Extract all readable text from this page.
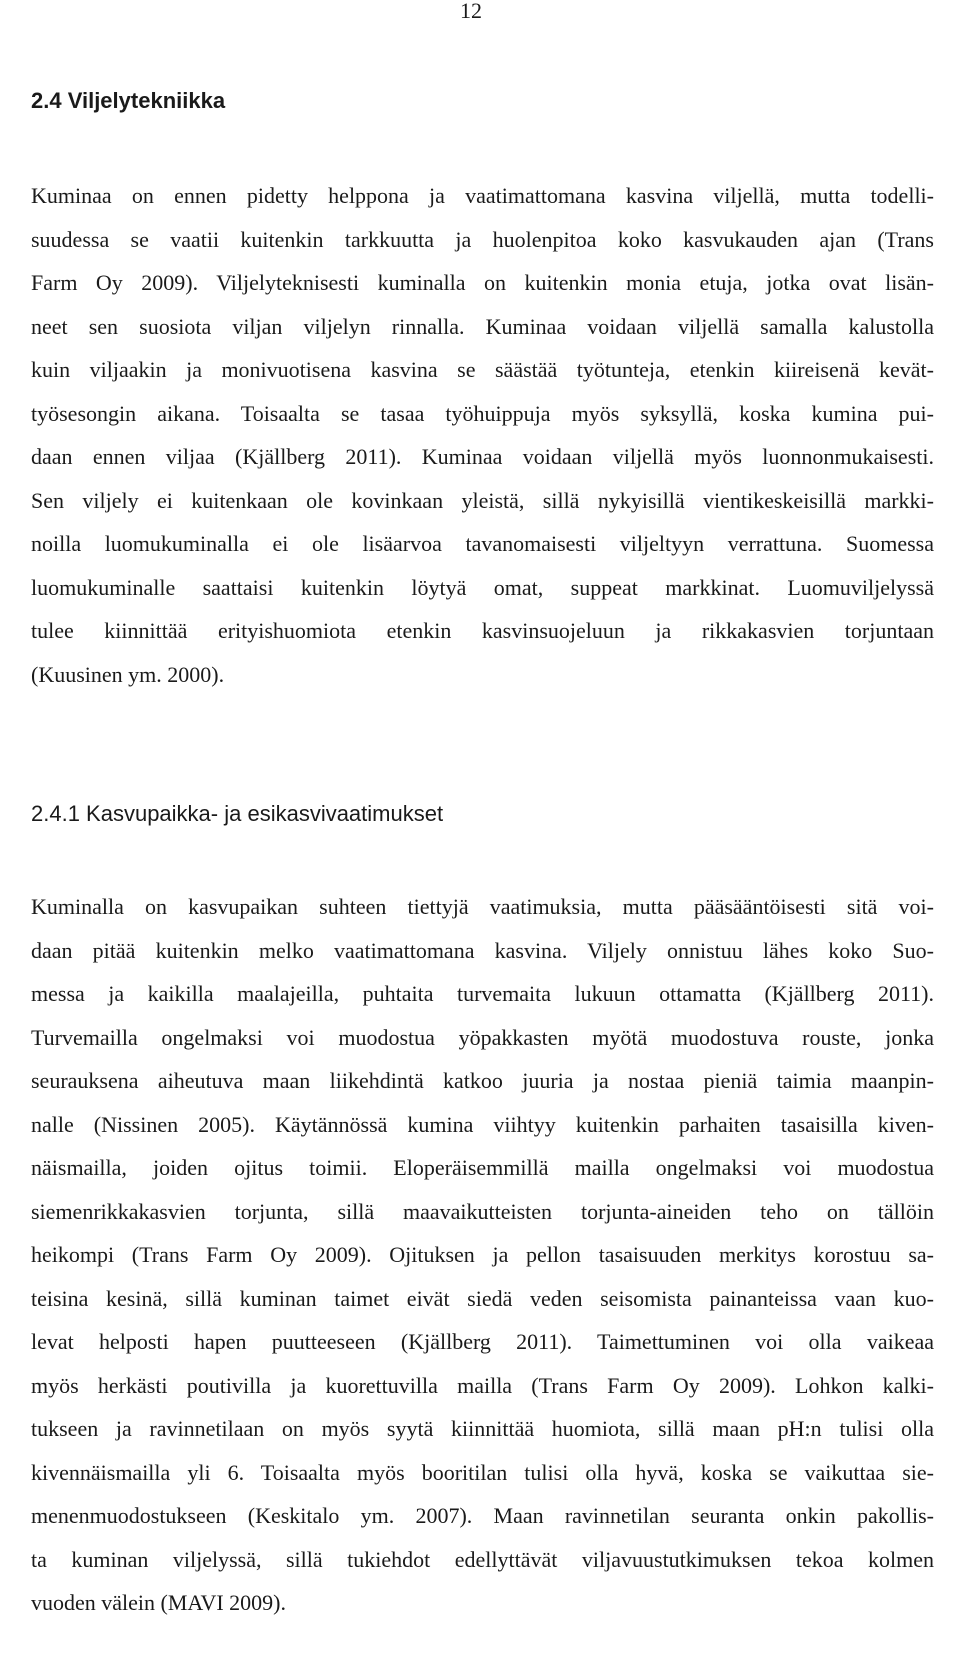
12
2.4 Viljelytekniikka
Kuminaa on ennen pidetty helppona ja vaatimattomana kasvina viljellä, mutta todelli-
suudessa se vaatii kuitenkin tarkkuutta ja huolenpitoa koko kasvukauden ajan (Trans
Farm Oy 2009). Viljelyteknisesti kuminalla on kuitenkin monia etuja, jotka ovat lisän-
neet sen suosiota viljan viljelyn rinnalla. Kuminaa voidaan viljellä samalla kalustolla
kuin viljaakin ja monivuotisena kasvina se säästää työtunteja, etenkin kiireisenä kevät-
työsesongin aikana. Toisaalta se tasaa työhuippuja myös syksyllä, koska kumina pui-
daan ennen viljaa (Kjällberg 2011). Kuminaa voidaan viljellä myös luonnonmukaisesti.
Sen viljely ei kuitenkaan ole kovinkaan yleistä, sillä nykyisillä vientikeskeisillä markki-
noilla luomukuminalla ei ole lisäarvoa tavanomaisesti viljeltyyn verrattuna. Suomessa
luomukuminalle saattaisi kuitenkin löytyä omat, suppeat markkinat. Luomuviljelyssä
tulee kiinnittää erityishuomiota etenkin kasvinsuojeluun ja rikkakasvien torjuntaan
(Kuusinen ym. 2000).
2.4.1 Kasvupaikka- ja esikasvivaatimukset
Kuminalla on kasvupaikan suhteen tiettyjä vaatimuksia, mutta pääsääntöisesti sitä voi-
daan pitää kuitenkin melko vaatimattomana kasvina. Viljely onnistuu lähes koko Suo-
messa ja kaikilla maalajeilla, puhtaita turvemaita lukuun ottamatta (Kjällberg 2011).
Turvemailla ongelmaksi voi muodostua yöpakkasten myötä muodostuva rouste, jonka
seurauksena aiheutuva maan liikehdintä katkoo juuria ja nostaa pieniä taimia maanpin-
nalle (Nissinen 2005). Käytännössä kumina viihtyy kuitenkin parhaiten tasaisilla kiven-
näismailla, joiden ojitus toimii. Eloperäisemmillä mailla ongelmaksi voi muodostua
siemenrikkakasvien torjunta, sillä maavaikutteisten torjunta-aineiden teho on tällöin
heikompi (Trans Farm Oy 2009). Ojituksen ja pellon tasaisuuden merkitys korostuu sa-
teisina kesinä, sillä kuminan taimet eivät siedä veden seisomista painanteissa vaan kuo-
levat helposti hapen puutteeseen (Kjällberg 2011). Taimettuminen voi olla vaikeaa
myös herkästi poutivilla ja kuorettuvilla mailla (Trans Farm Oy 2009). Lohkon kalki-
tukseen ja ravinnetilaan on myös syytä kiinnittää huomiota, sillä maan pH:n tulisi olla
kivennäismailla yli 6. Toisaalta myös booritilan tulisi olla hyvä, koska se vaikuttaa sie-
menenmuodostukseen (Keskitalo ym. 2007). Maan ravinnetilan seuranta onkin pakollis-
ta kuminan viljelyssä, sillä tukiehdot edellyttävät viljavuustutkimuksen tekoa kolmen
vuoden välein (MAVI 2009).
